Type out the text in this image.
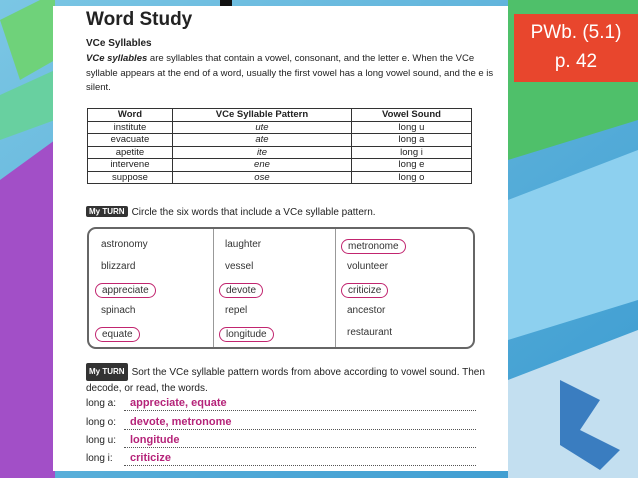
Word Study
VCe Syllables
VCe syllables are syllables that contain a vowel, consonant, and the letter e. When the VCe syllable appears at the end of a word, usually the first vowel has a long vowel sound, and the e is silent.
Word	VCe Syllable Pattern	Vowel Sound
institute	ute	long u
evacuate	ate	long a
apetite	ite	long i
intervene	ene	long e
suppose	ose	long o
My TURN Circle the six words that include a VCe syllable pattern.
astronomy
blizzard
appreciate
spinach
equate
laughter
vessel
devote
repel
longitude
metronome
volunteer
criticize
ancestor
restaurant
My TURN Sort the VCe syllable pattern words from above according to vowel sound. Then decode, or read, the words.
long a: appreciate, equate
long o: devote, metronome
long u: longitude
long i: criticize
PWb. (5.1)
p. 42
